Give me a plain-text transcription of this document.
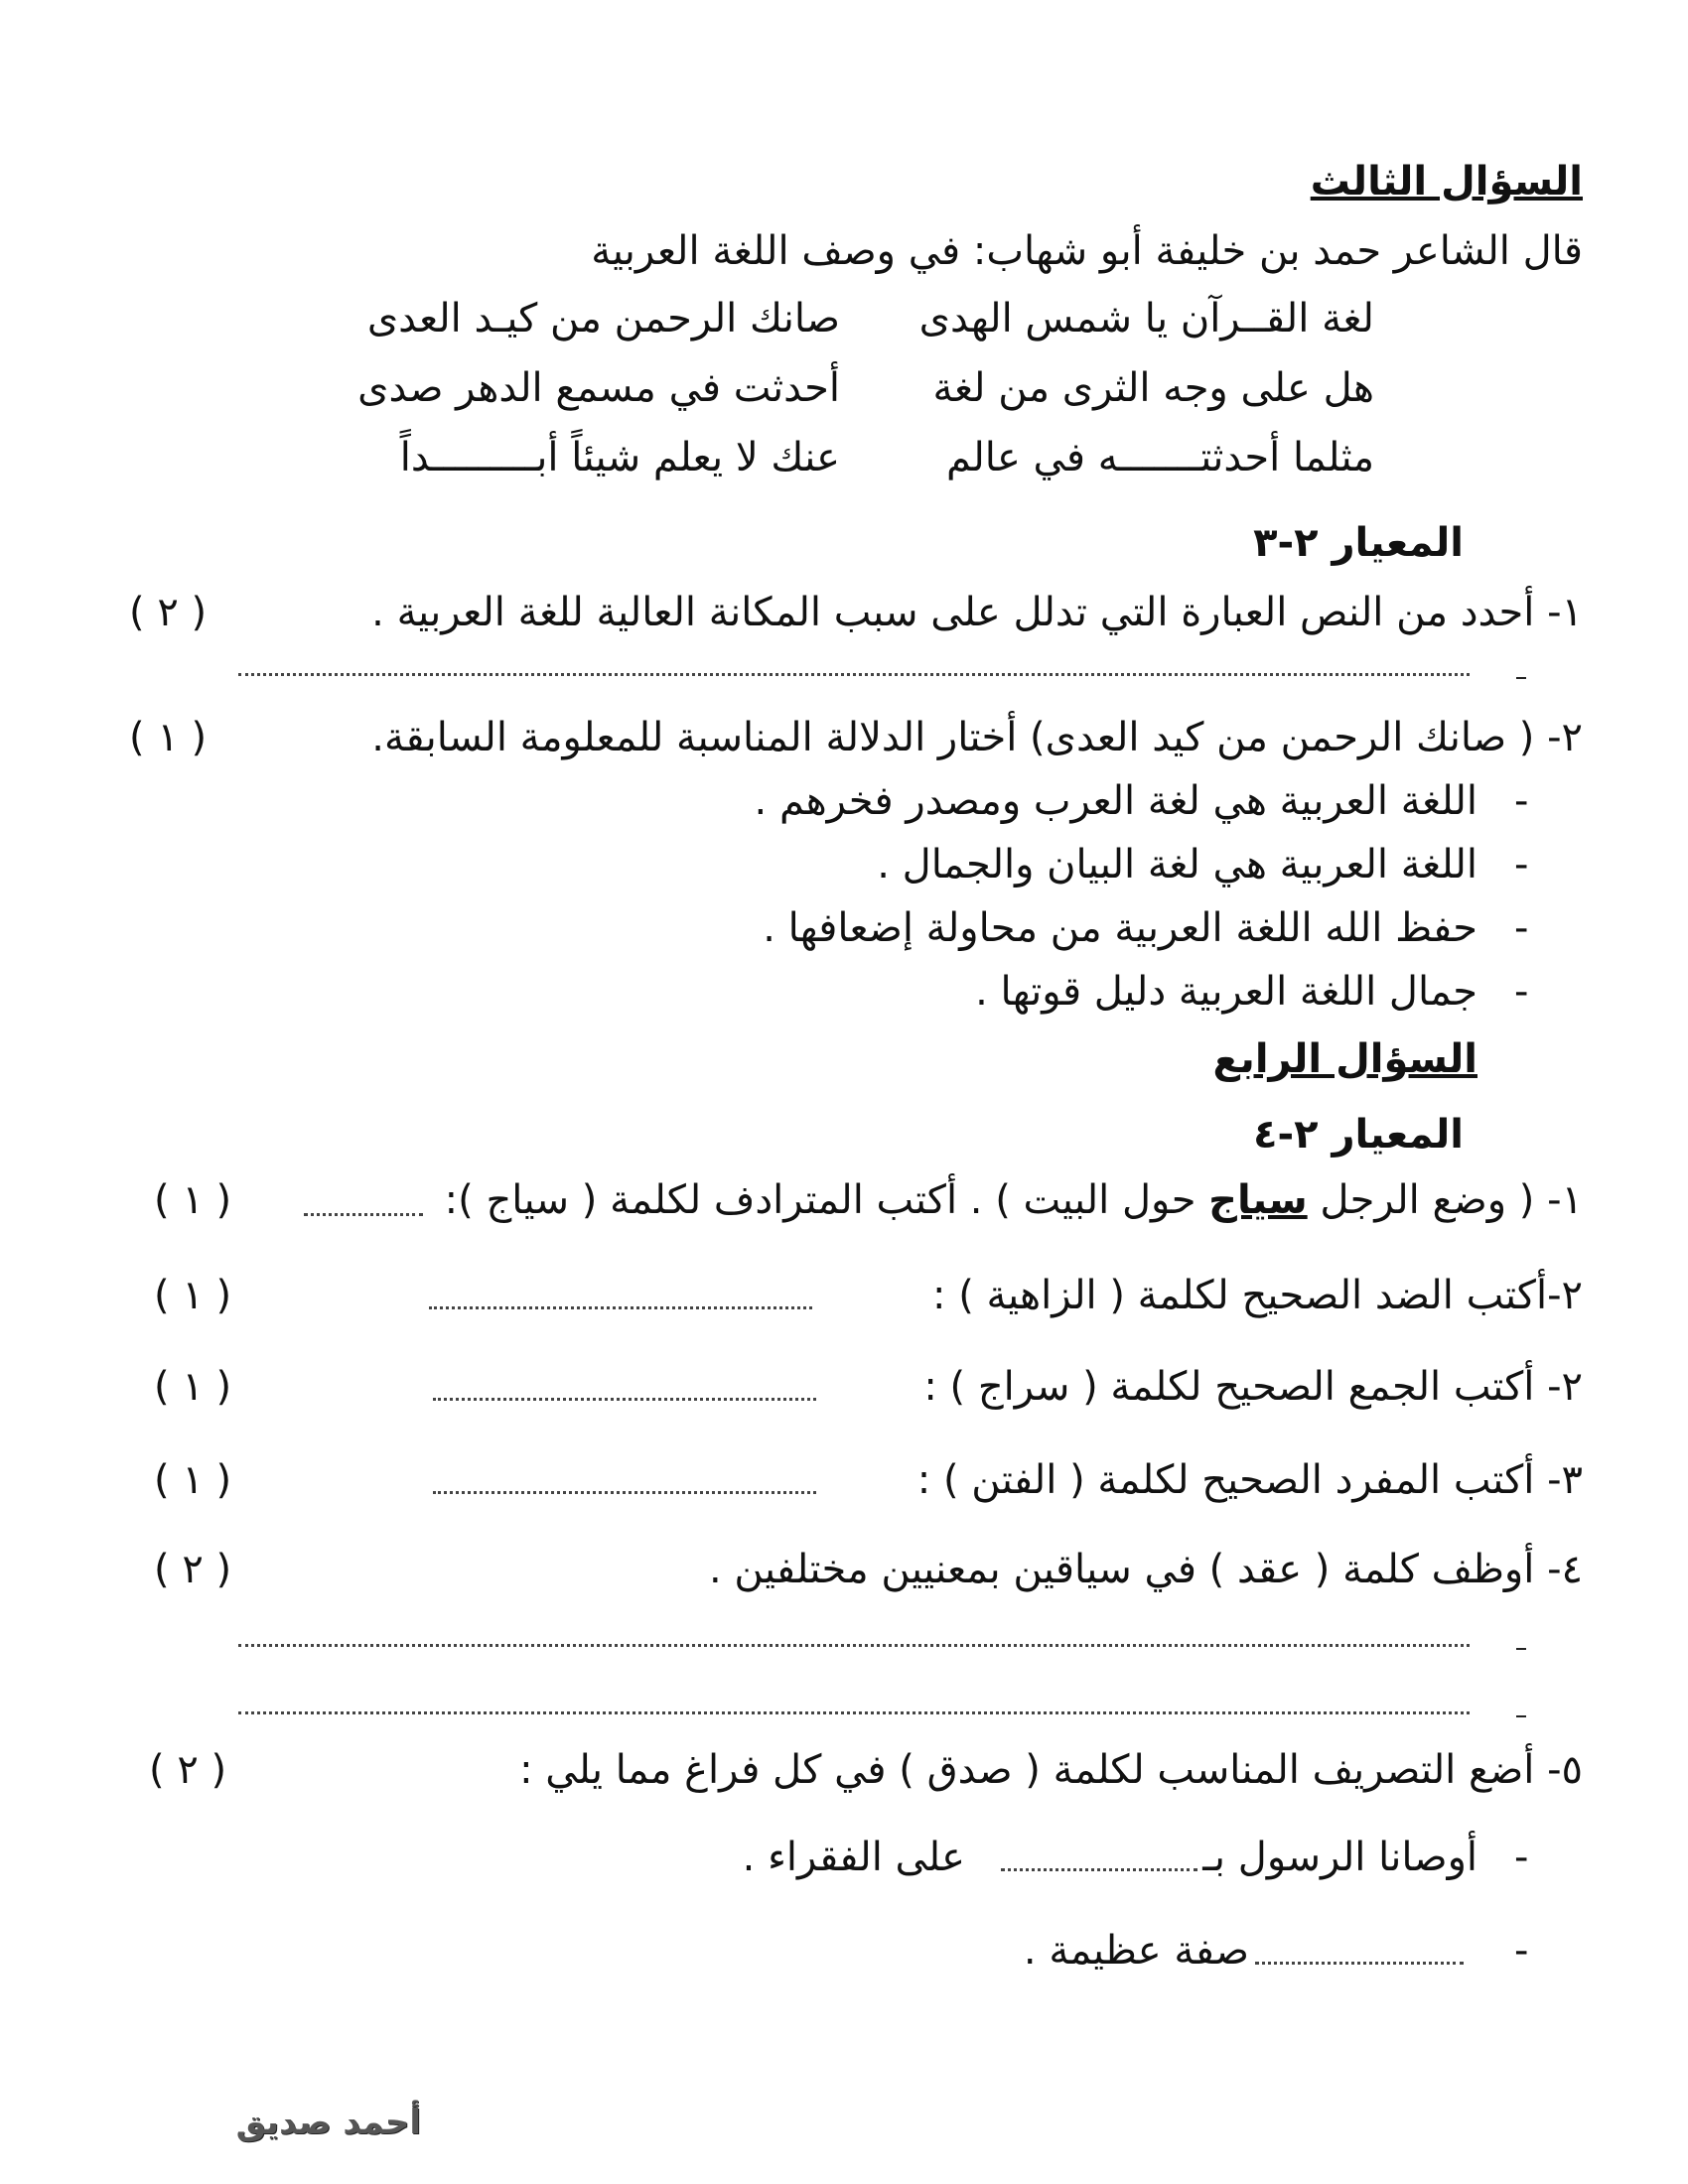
السؤال الثالث
قال الشاعر حمد بن خليفة أبو شهاب: في وصف اللغة العربية
لغة القــرآن يا شمس الهدى
صانك الرحمن من كيـد العدى
هل على وجه الثرى من لغة
أحدثت في مسمع الدهر صدى
مثلما أحدثتـــــــه في عالم
عنك لا يعلم شيئاً أبـــــــــداً
المعيار ٢-٣
١- أحدد من النص العبارة التي تدلل على سبب المكانة العالية للغة العربية .
( ٢ )
٢- ( صانك الرحمن من كيد العدى) أختار الدلالة المناسبة للمعلومة السابقة.
( ١ )
-
اللغة العربية هي لغة العرب ومصدر فخرهم .
-
اللغة العربية هي لغة البيان والجمال .
-
حفظ الله اللغة العربية من محاولة إضعافها .
-
جمال اللغة العربية دليل قوتها .
السؤال الرابع
المعيار ٢-٤
١- ( وضع الرجل سياج حول البيت ) . أكتب المترادف لكلمة ( سياج ):
( ١ )
٢-أكتب الضد الصحيح لكلمة ( الزاهية ) :
( ١ )
٢- أكتب الجمع الصحيح لكلمة ( سراج ) :
( ١ )
٣- أكتب المفرد الصحيح لكلمة ( الفتن ) :
( ١ )
٤- أوظف كلمة ( عقد ) في سياقين بمعنيين مختلفين .
( ٢ )
٥- أضع التصريف المناسب لكلمة ( صدق ) في كل فراغ مما يلي :
( ٢ )
-
أوصانا الرسول بـ
على الفقراء .
-
صفة عظيمة .
أحمد صديق
